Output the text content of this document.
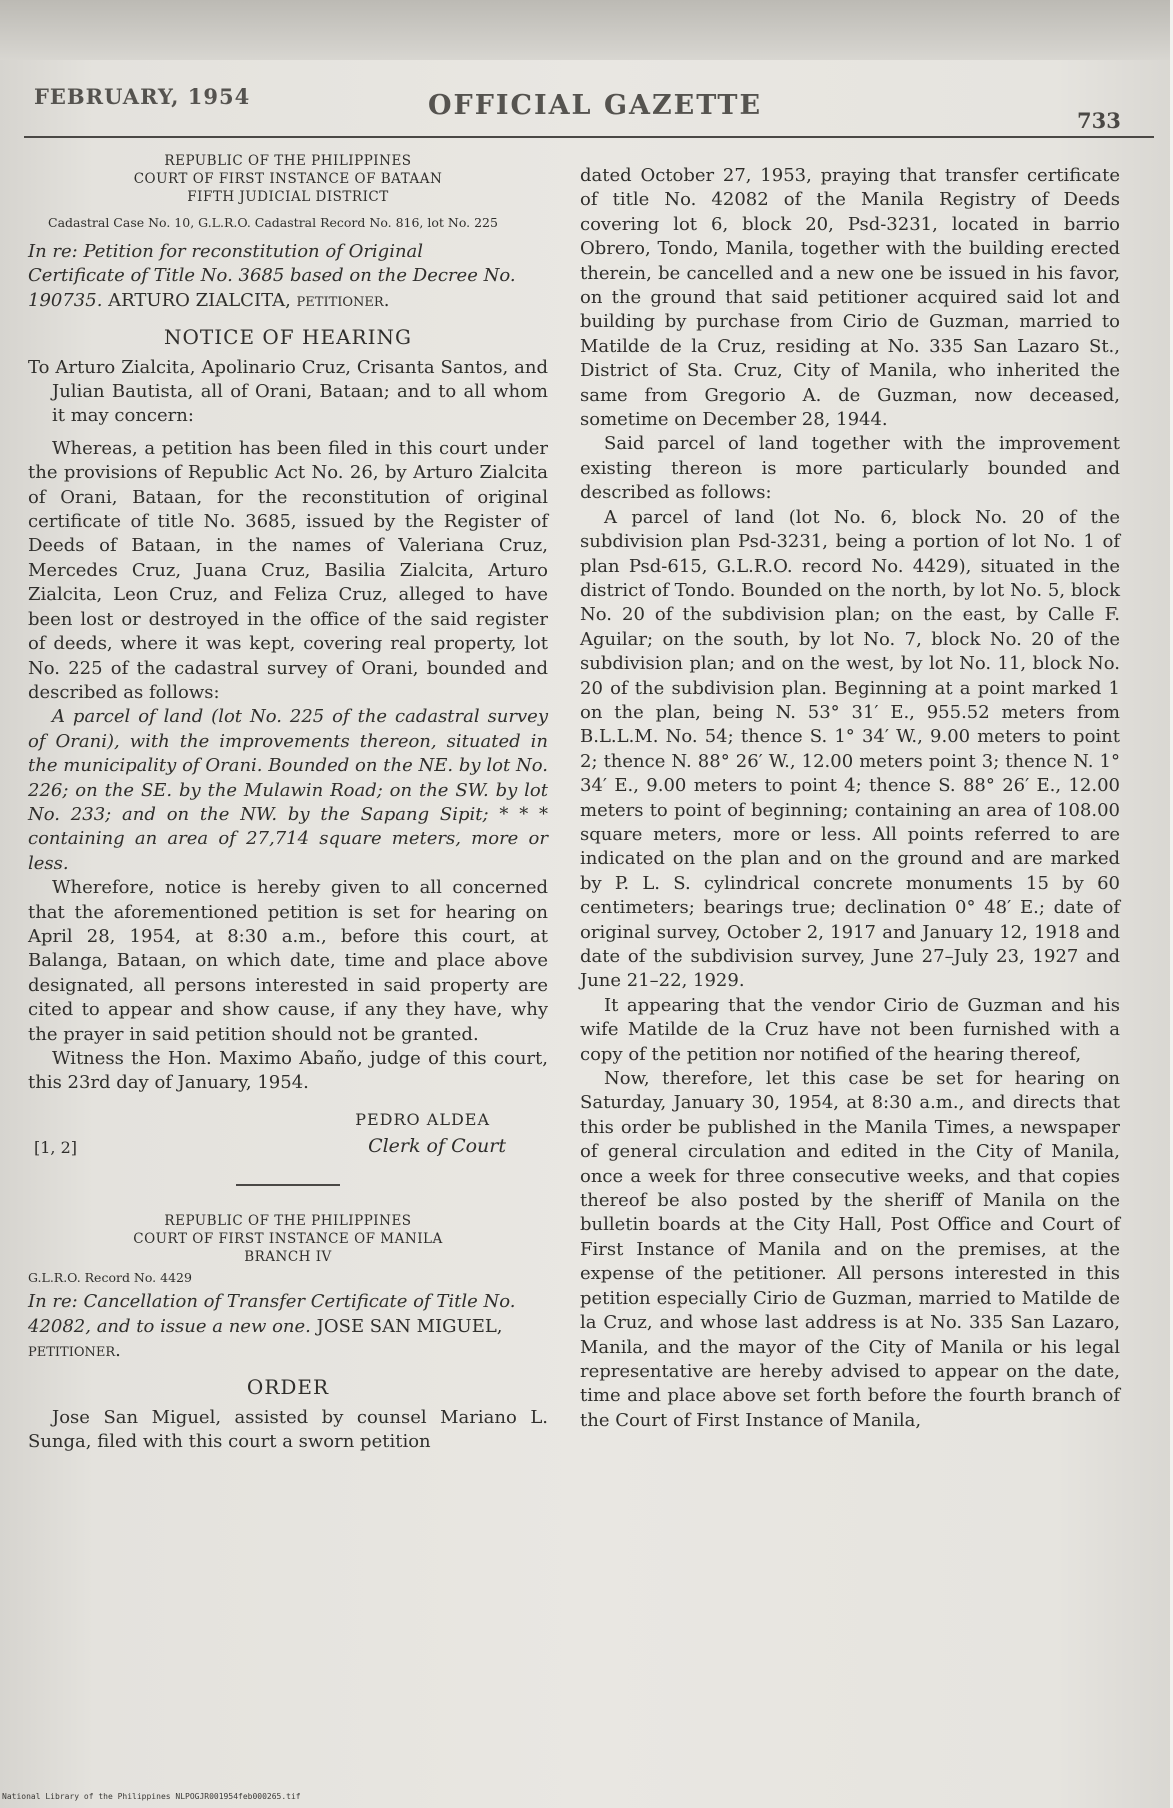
FEBRUARY, 1954	OFFICIAL GAZETTE	733

REPUBLIC OF THE PHILIPPINES

COURT OF FIRST INSTANCE OF BATAAN

FIFTH JUDICIAL DISTRICT

Cadastral Case No. 10, G.L.R.O. Cadastral Record No. 816, lot No. 225

In re: Petition for reconstitution of Original Certificate of Title No. 3685 based on the Decree No. 190735. ARTURO ZIALCITA, petitioner.

NOTICE OF HEARING

To Arturo Zialcita, Apolinario Cruz, Crisanta Santos, and Julian Bautista, all of Orani, Bataan; and to all whom it may concern:

Whereas, a petition has been filed in this court under the provisions of Republic Act No. 26, by Arturo Zialcita of Orani, Bataan, for the reconstitution of original certificate of title No. 3685, issued by the Register of Deeds of Bataan, in the names of Valeriana Cruz, Mercedes Cruz, Juana Cruz, Basilia Zialcita, Arturo Zialcita, Leon Cruz, and Feliza Cruz, alleged to have been lost or destroyed in the office of the said register of deeds, where it was kept, covering real property, lot No. 225 of the cadastral survey of Orani, bounded and described as follows:

A parcel of land (lot No. 225 of the cadastral survey of Orani), with the improvements thereon, situated in the municipality of Orani. Bounded on the NE. by lot No. 226; on the SE. by the Mulawin Road; on the SW. by lot No. 233; and on the NW. by the Sapang Sipit; * * * containing an area of 27,714 square meters, more or less.

Wherefore, notice is hereby given to all concerned that the aforementioned petition is set for hearing on April 28, 1954, at 8:30 a.m., before this court, at Balanga, Bataan, on which date, time and place above designated, all persons interested in said property are cited to appear and show cause, if any they have, why the prayer in said petition should not be granted.

Witness the Hon. Maximo Abaño, judge of this court, this 23rd day of January, 1954.

PEDRO ALDEA
Clerk of Court
[1, 2]

REPUBLIC OF THE PHILIPPINES

COURT OF FIRST INSTANCE OF MANILA

BRANCH IV

G.L.R.O. Record No. 4429

In re: Cancellation of Transfer Certificate of Title No. 42082, and to issue a new one. JOSE SAN MIGUEL, petitioner.

ORDER

Jose San Miguel, assisted by counsel Mariano L. Sunga, filed with this court a sworn petition

dated October 27, 1953, praying that transfer certificate of title No. 42082 of the Manila Registry of Deeds covering lot 6, block 20, Psd-3231, located in barrio Obrero, Tondo, Manila, together with the building erected therein, be cancelled and a new one be issued in his favor, on the ground that said petitioner acquired said lot and building by purchase from Cirio de Guzman, married to Matilde de la Cruz, residing at No. 335 San Lazaro St., District of Sta. Cruz, City of Manila, who inherited the same from Gregorio A. de Guzman, now deceased, sometime on December 28, 1944.

Said parcel of land together with the improvement existing thereon is more particularly bounded and described as follows:

A parcel of land (lot No. 6, block No. 20 of the subdivision plan Psd-3231, being a portion of lot No. 1 of plan Psd-615, G.L.R.O. record No. 4429), situated in the district of Tondo. Bounded on the north, by lot No. 5, block No. 20 of the subdivision plan; on the east, by Calle F. Aguilar; on the south, by lot No. 7, block No. 20 of the subdivision plan; and on the west, by lot No. 11, block No. 20 of the subdivision plan. Beginning at a point marked 1 on the plan, being N. 53° 31′ E., 955.52 meters from B.L.L.M. No. 54; thence S. 1° 34′ W., 9.00 meters to point 2; thence N. 88° 26′ W., 12.00 meters point 3; thence N. 1° 34′ E., 9.00 meters to point 4; thence S. 88° 26′ E., 12.00 meters to point of beginning; containing an area of 108.00 square meters, more or less. All points referred to are indicated on the plan and on the ground and are marked by P. L. S. cylindrical concrete monuments 15 by 60 centimeters; bearings true; declination 0° 48′ E.; date of original survey, October 2, 1917 and January 12, 1918 and date of the subdivision survey, June 27–July 23, 1927 and June 21–22, 1929.

It appearing that the vendor Cirio de Guzman and his wife Matilde de la Cruz have not been furnished with a copy of the petition nor notified of the hearing thereof,

Now, therefore, let this case be set for hearing on Saturday, January 30, 1954, at 8:30 a.m., and directs that this order be published in the Manila Times, a newspaper of general circulation and edited in the City of Manila, once a week for three consecutive weeks, and that copies thereof be also posted by the sheriff of Manila on the bulletin boards at the City Hall, Post Office and Court of First Instance of Manila and on the premises, at the expense of the petitioner. All persons interested in this petition especially Cirio de Guzman, married to Matilde de la Cruz, and whose last address is at No. 335 San Lazaro, Manila, and the mayor of the City of Manila or his legal representative are hereby advised to appear on the date, time and place above set forth before the fourth branch of the Court of First Instance of Manila,

National Library of the Philippines NLPOGJR001954feb000265.tif
